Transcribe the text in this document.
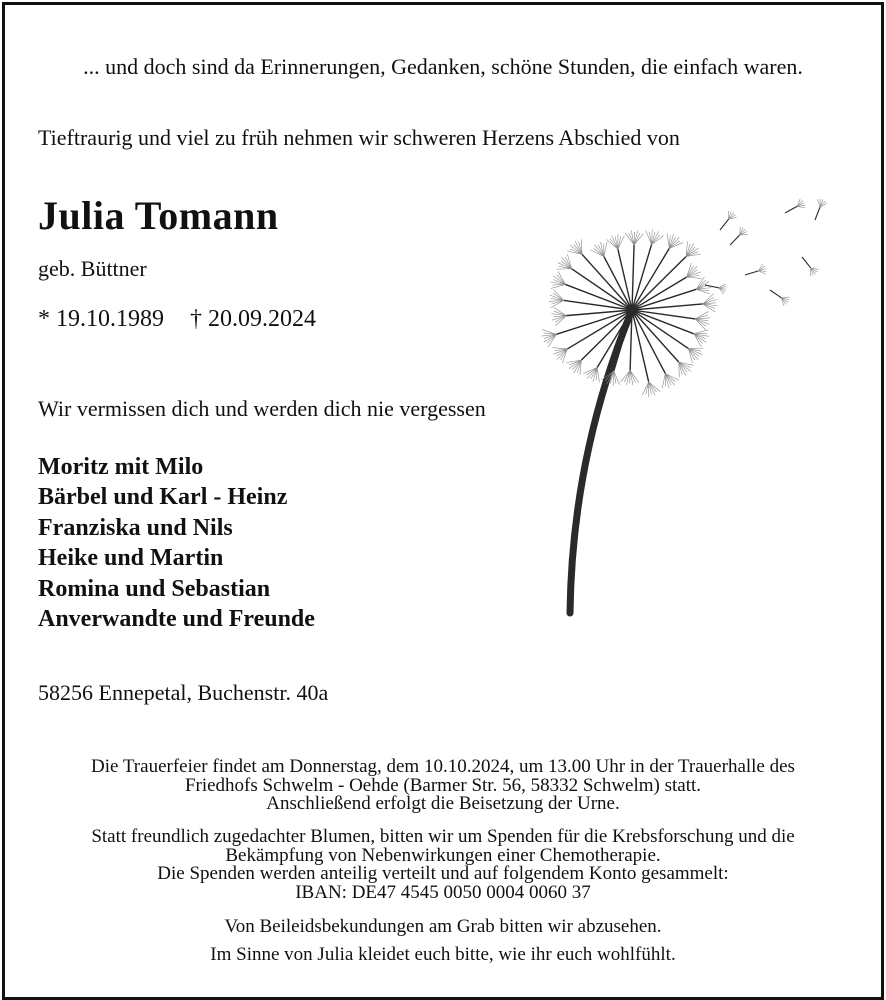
... und doch sind da Erinnerungen, Gedanken, schöne Stunden, die einfach waren.
Tieftraurig und viel zu früh nehmen wir schweren Herzens Abschied von
Julia Tomann
geb. Büttner
* 19.10.1989 † 20.09.2024
Wir vermissen dich und werden dich nie vergessen
Moritz mit Milo
Bärbel und Karl - Heinz
Franziska und Nils
Heike und Martin
Romina und Sebastian
Anverwandte und Freunde
58256 Ennepetal, Buchenstr. 40a
Die Trauerfeier findet am Donnerstag, dem 10.10.2024, um 13.00 Uhr in der Trauerhalle des
Friedhofs Schwelm - Oehde (Barmer Str. 56, 58332 Schwelm) statt.
Anschließend erfolgt die Beisetzung der Urne.
Statt freundlich zugedachter Blumen, bitten wir um Spenden für die Krebsforschung und die
Bekämpfung von Nebenwirkungen einer Chemotherapie.
Die Spenden werden anteilig verteilt und auf folgendem Konto gesammelt:
IBAN: DE47 4545 0050 0004 0060 37
Von Beileidsbekundungen am Grab bitten wir abzusehen.
Im Sinne von Julia kleidet euch bitte, wie ihr euch wohlfühlt.
